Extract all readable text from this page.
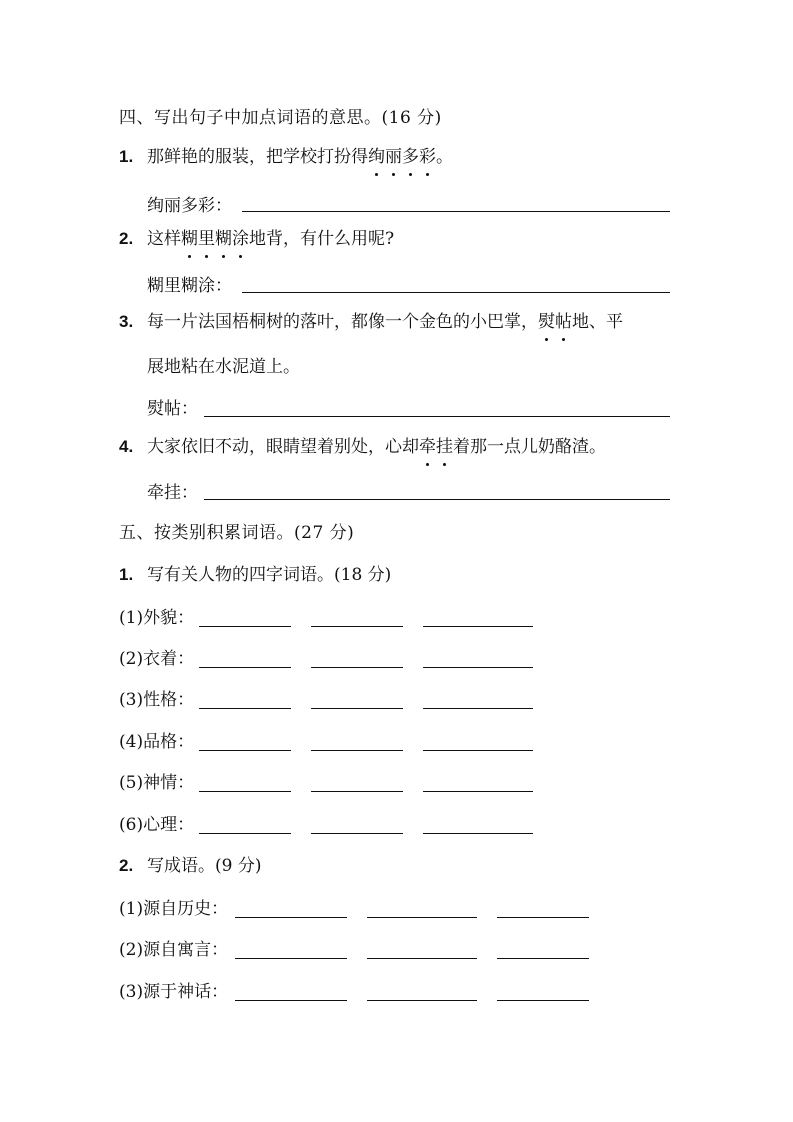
四、写出句子中加点词语的意思。(16 分)
1. 那鲜艳的服装，把学校打扮得绚丽多彩。
绚丽多彩：
2. 这样糊里糊涂地背，有什么用呢?
糊里糊涂：
3. 每一片法国梧桐树的落叶，都像一个金色的小巴掌，熨帖地、平
展地粘在水泥道上。
熨帖：
4. 大家依旧不动，眼睛望着别处，心却牵挂着那一点儿奶酪渣。
牵挂：
五、按类别积累词语。(27 分)
1. 写有关人物的四字词语。(18 分)
(1)外貌：
(2)衣着：
(3)性格：
(4)品格：
(5)神情：
(6)心理：
2. 写成语。(9 分)
(1)源自历史：
(2)源自寓言：
(3)源于神话：
